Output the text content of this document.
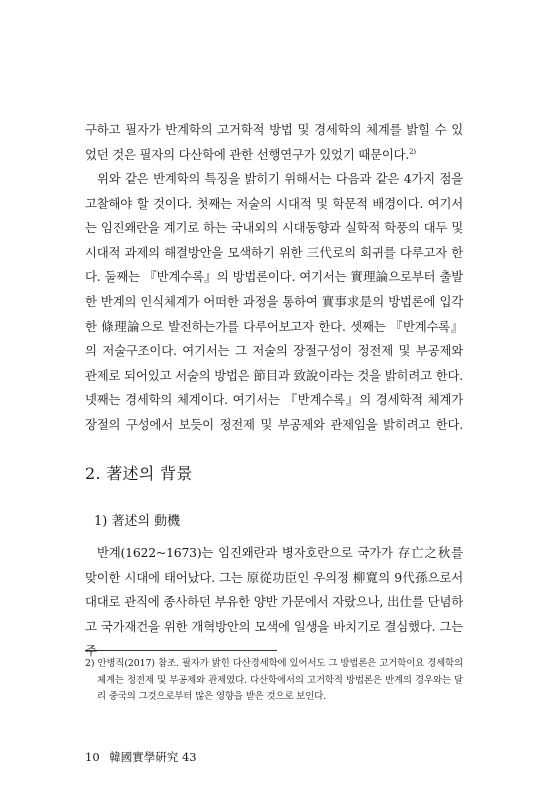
구하고 필자가 반계학의 고거학적 방법 및 경세학의 체계를 밝힐 수 있었던 것은 필자의 다산학에 관한 선행연구가 있었기 때문이다.$^{2)}$

위와 같은 반계학의 특징을 밝히기 위해서는 다음과 같은 4가지 점을 고찰해야 할 것이다. 첫째는 저술의 시대적 및 학문적 배경이다. 여기서는 임진왜란을 계기로 하는 국내외의 시대동향과 실학적 학풍의 대두 및 시대적 과제의 해결방안을 모색하기 위한 三代로의 회귀를 다루고자 한다. 둘째는 『반계수록』의 방법론이다. 여기서는 實理論으로부터 출발한 반계의 인식체계가 어떠한 과정을 통하여 實事求是의 방법론에 입각한 條理論으로 발전하는가를 다루어보고자 한다. 셋째는 『반계수록』의 저술구조이다. 여기서는 그 저술의 장절구성이 정전제 및 부공제와 관제로 되어있고 서술의 방법은 節目과 致說이라는 것을 밝히려고 한다. 넷째는 경세학의 체계이다. 여기서는 『반계수록』의 경세학적 체계가 장절의 구성에서 보듯이 정전제 및 부공제와 관제임을 밝히려고 한다.

2. 著述의 背景
1) 著述의 動機

반계(1622~1673)는 임진왜란과 병자호란으로 국가가 存亡之秋를 맞이한 시대에 태어났다. 그는 原從功臣인 우의정 柳寬의 9代孫으로서 대대로 관직에 종사하던 부유한 양반 가문에서 자랐으나, 出仕를 단념하고 국가재건을 위한 개혁방안의 모색에 일생을 바치기로 결심했다. 그는 주

2) 안병직(2017) 참조. 필자가 밝힌 다산경세학에 있어서도 그 방법론은 고거학이요 경세학의 체계는 정전제 및 부공제와 관제였다. 다산학에서의 고거학적 방법론은 반계의 경우와는 달리 중국의 그것으로부터 많은 영향을 받은 것으로 보인다.

10 韓國實學硏究 43
